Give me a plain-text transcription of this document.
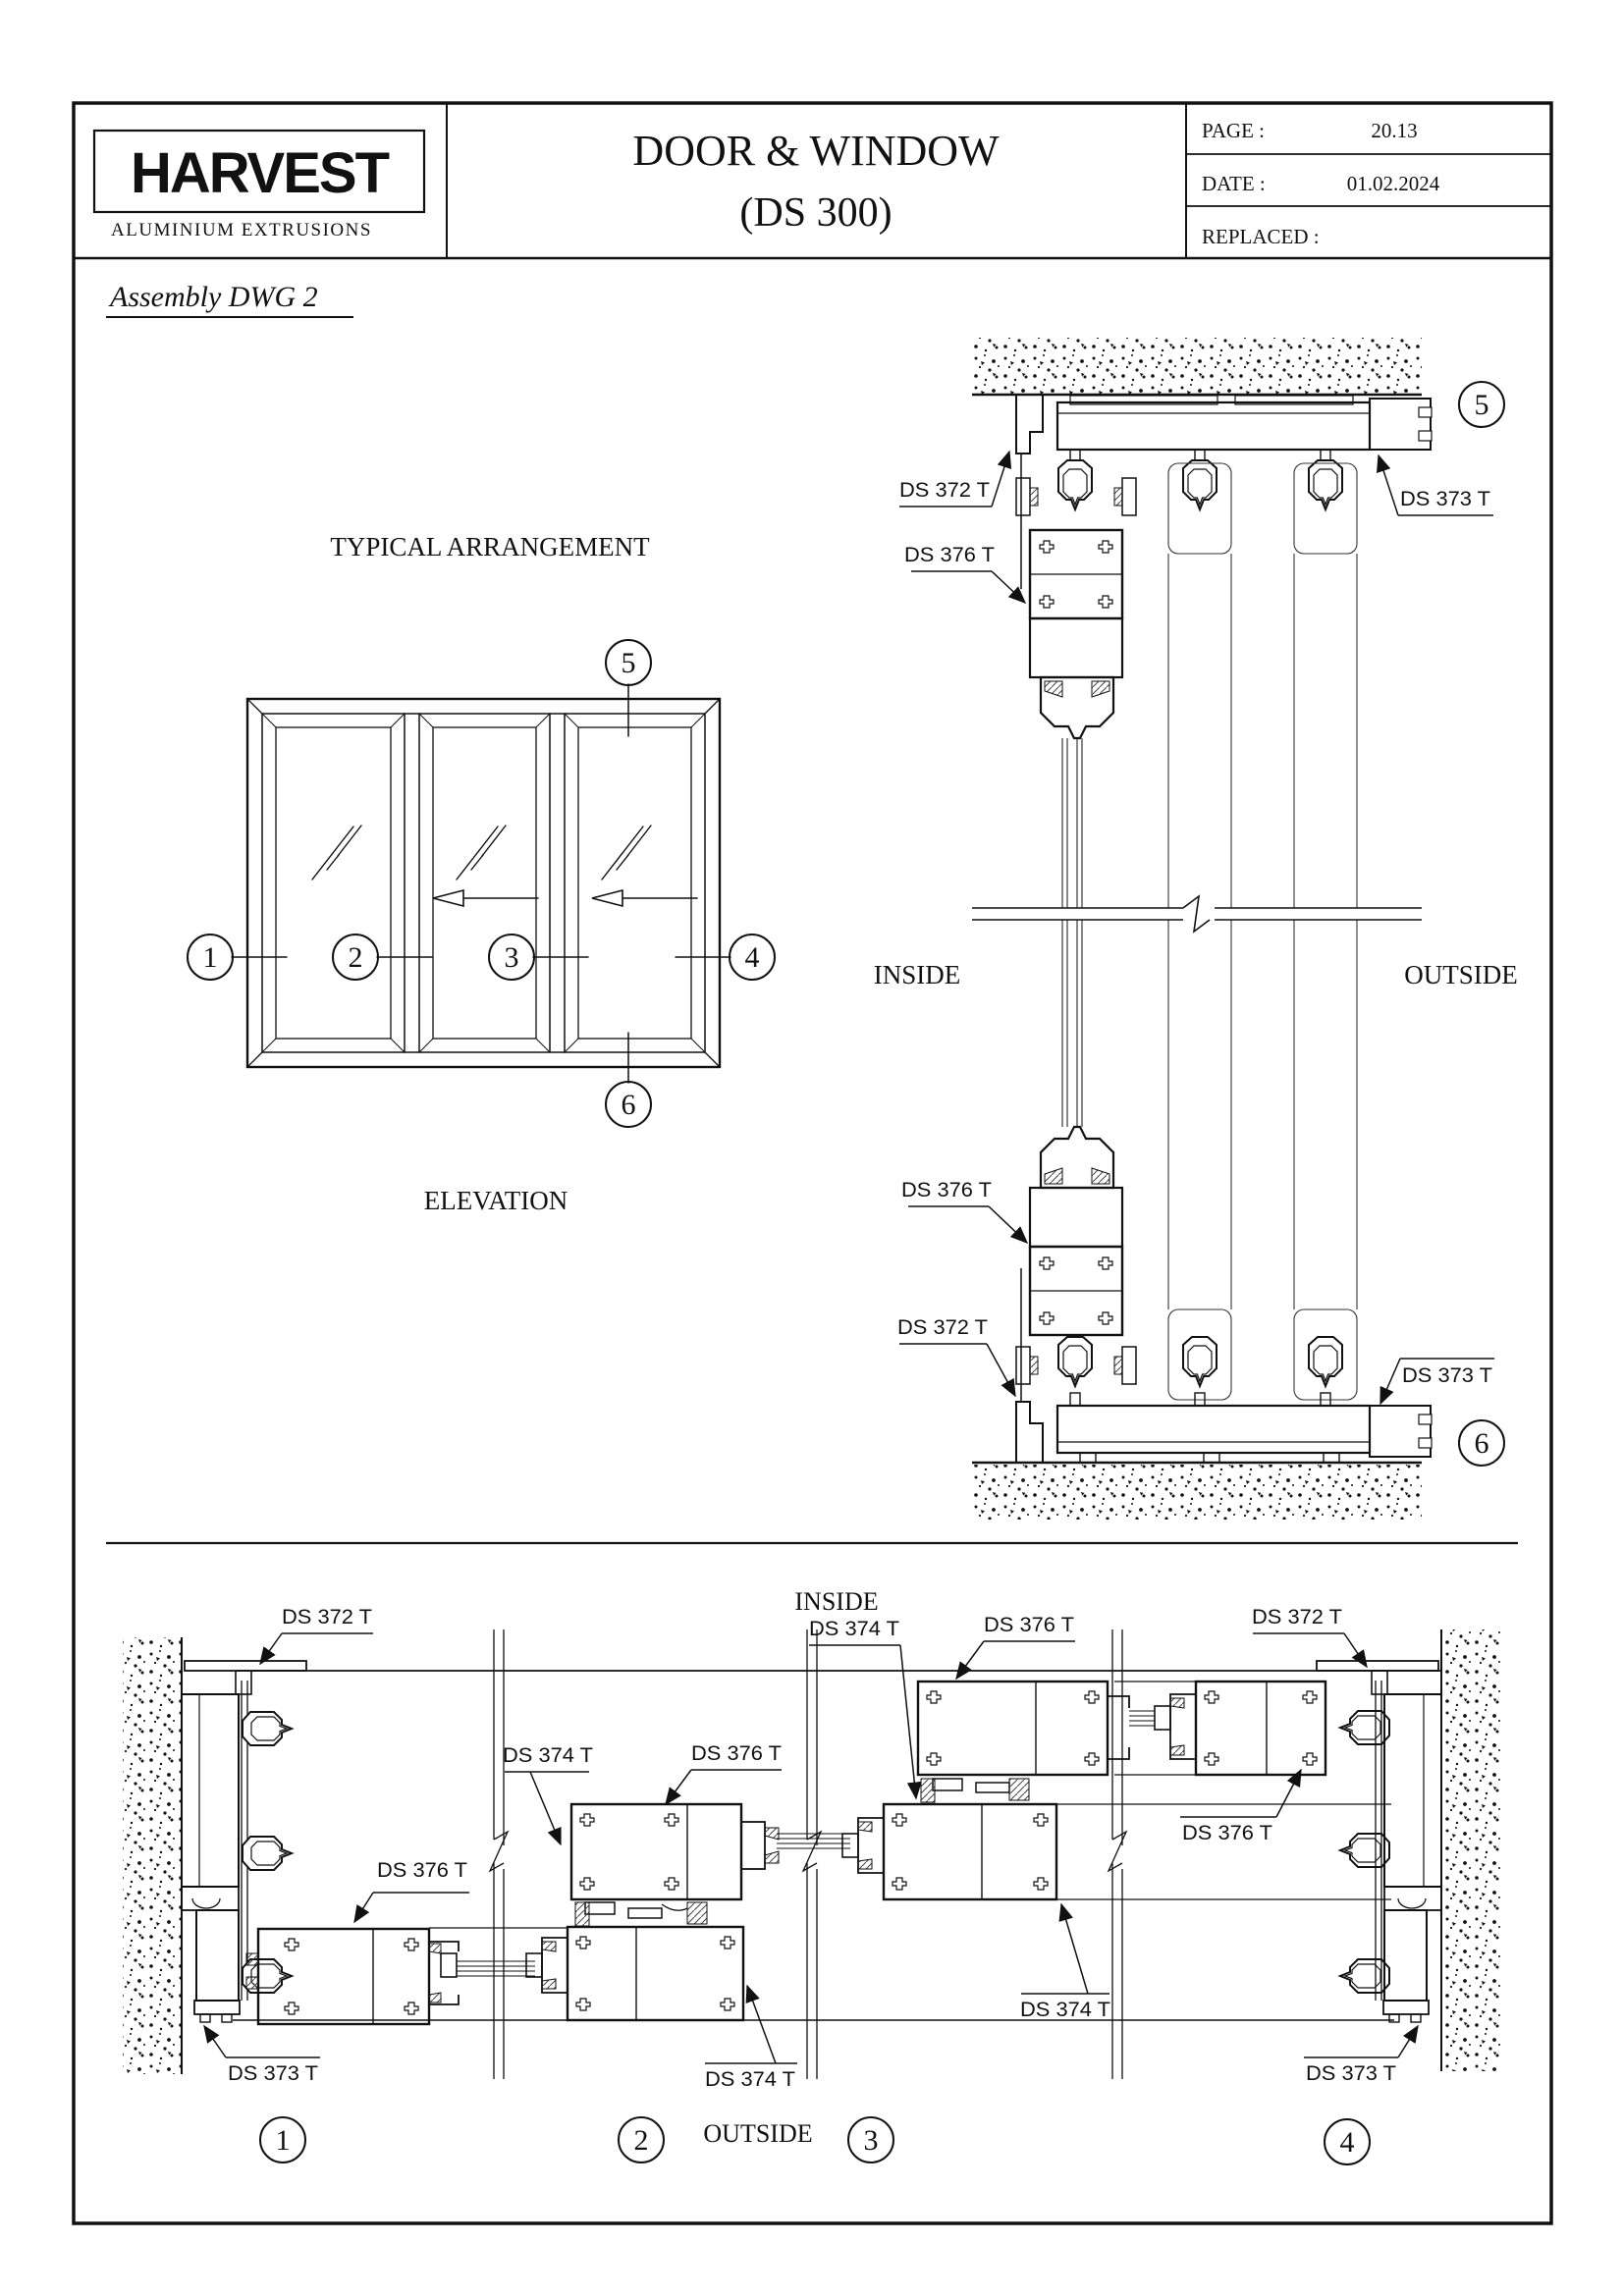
HARVEST
ALUMINIUM EXTRUSIONS
DOOR & WINDOW
(DS 300)
PAGE :	20.13
DATE :	01.02.2024
REPLACED :
Assembly DWG 2
TYPICAL ARRANGEMENT
1	2	3	4
5
6
ELEVATION
5
6
DS 372 T	DS 373 T
DS 376 T
DS 376 T
DS 372 T
DS 373 T
INSIDE	OUTSIDE
INSIDE
DS 372 T
DS 374 T	DS 376 T	DS 372 T
DS 374 T	DS 376 T
DS 376 T
DS 376 T
DS 374 T
DS 374 T
DS 373 T	DS 373 T
1	2	3	4
OUTSIDE
